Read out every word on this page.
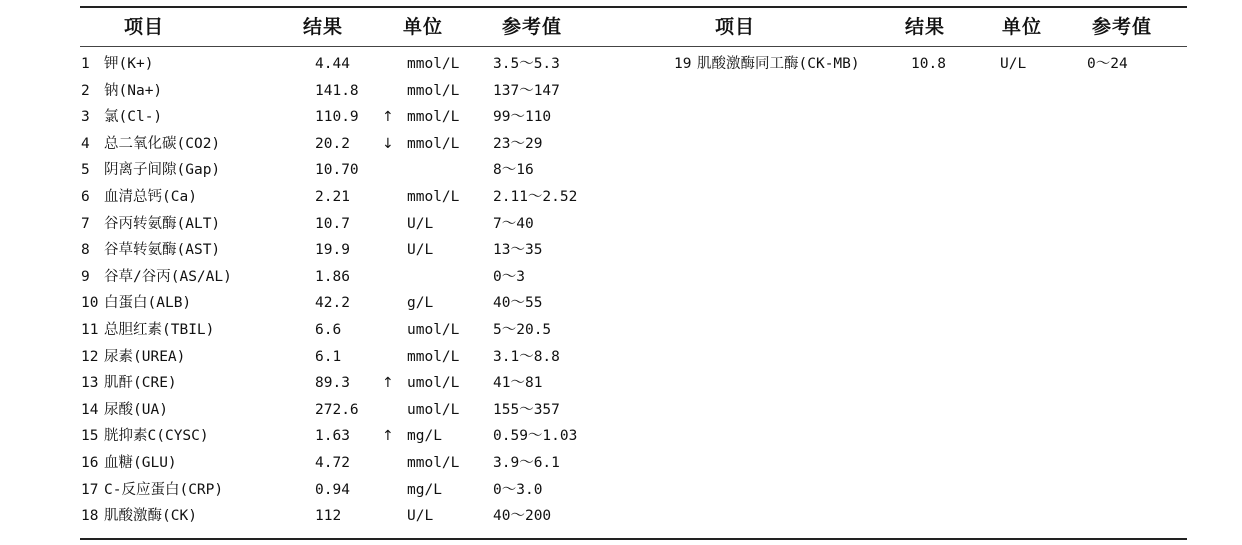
项目	结果	单位	参考值	项目	结果	单位	参考值
1 钾(K+)	4.44	mmol/L 3.5～5.3
2 钠(Na+)	141.8	mmol/L 137～147
3 氯(Cl-)	110.9 ↑ mmol/L 99～110
4 总二氧化碳(CO2)	20.2 ↓ mmol/L 23～29
5 阴离子间隙(Gap)	10.70	8～16
6 血清总钙(Ca)	2.21	mmol/L 2.11～2.52
7 谷丙转氨酶(ALT)	10.7	U/L	7～40
8 谷草转氨酶(AST)	19.9	U/L	13～35
9 谷草/谷丙(AS/AL)	1.86	0～3
10 白蛋白(ALB)	42.2	g/L	40～55
11 总胆红素(TBIL)	6.6	umol/L 5～20.5
12 尿素(UREA)	6.1	mmol/L 3.1～8.8
13 肌酐(CRE)	89.3 ↑ umol/L 41～81
14 尿酸(UA)	272.6	umol/L 155～357
15 胱抑素C(CYSC)	1.63 ↑ mg/L	0.59～1.03
16 血糖(GLU)	4.72	mmol/L 3.9～6.1
17 C-反应蛋白(CRP)	0.94	mg/L	0～3.0
18 肌酸激酶(CK)	112	U/L	40～200
19 肌酸激酶同工酶(CK-MB)	10.8	U/L	0～24
